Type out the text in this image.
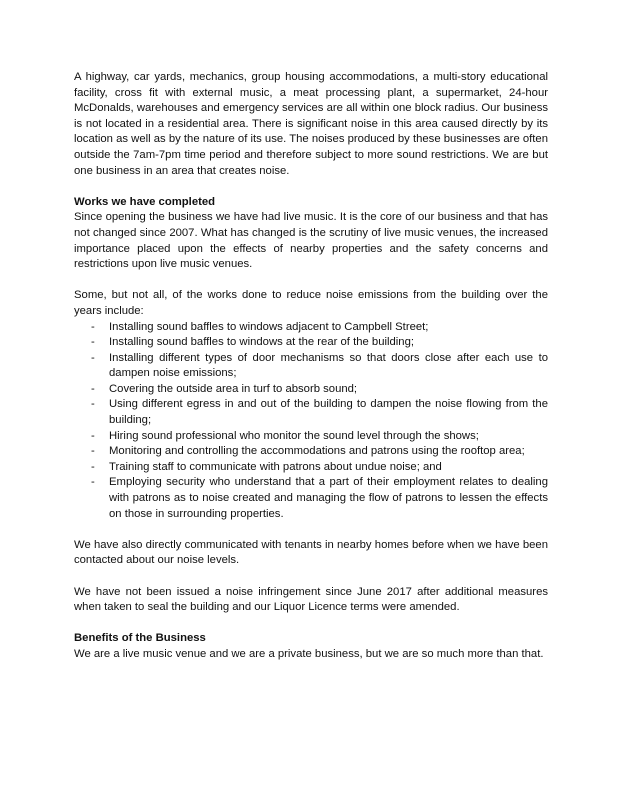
A highway, car yards, mechanics, group housing accommodations, a multi-story educational facility, cross fit with external music, a meat processing plant, a supermarket, 24-hour McDonalds, warehouses and emergency services are all within one block radius. Our business is not located in a residential area. There is significant noise in this area caused directly by its location as well as by the nature of its use. The noises produced by these businesses are often outside the 7am-7pm time period and therefore subject to more sound restrictions. We are but one business in an area that creates noise.

Works we have completed

Since opening the business we have had live music. It is the core of our business and that has not changed since 2007. What has changed is the scrutiny of live music venues, the increased importance placed upon the effects of nearby properties and the safety concerns and restrictions upon live music venues.

Some, but not all, of the works done to reduce noise emissions from the building over the years include:

- Installing sound baffles to windows adjacent to Campbell Street;
- Installing sound baffles to windows at the rear of the building;
- Installing different types of door mechanisms so that doors close after each use to dampen noise emissions;
- Covering the outside area in turf to absorb sound;
- Using different egress in and out of the building to dampen the noise flowing from the building;
- Hiring sound professional who monitor the sound level through the shows;
- Monitoring and controlling the accommodations and patrons using the rooftop area;
- Training staff to communicate with patrons about undue noise; and
- Employing security who understand that a part of their employment relates to dealing with patrons as to noise created and managing the flow of patrons to lessen the effects on those in surrounding properties.

We have also directly communicated with tenants in nearby homes before when we have been contacted about our noise levels.

We have not been issued a noise infringement since June 2017 after additional measures when taken to seal the building and our Liquor Licence terms were amended.

Benefits of the Business

We are a live music venue and we are a private business, but we are so much more than that.
